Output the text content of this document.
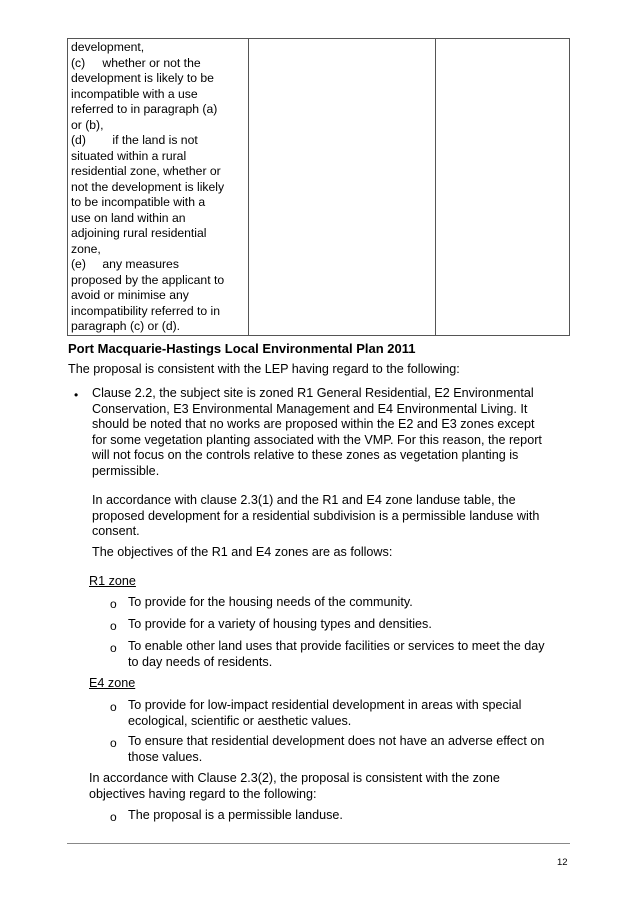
development,
(c) whether or not the
development is likely to be
incompatible with a use
referred to in paragraph (a)
or (b),
(d) if the land is not
situated within a rural
residential zone, whether or
not the development is likely
to be incompatible with a
use on land within an
adjoining rural residential
zone,
(e) any measures
proposed by the applicant to
avoid or minimise any
incompatibility referred to in
paragraph (c) or (d).

Port Macquarie-Hastings Local Environmental Plan 2011

The proposal is consistent with the LEP having regard to the following:

• Clause 2.2, the subject site is zoned R1 General Residential, E2 Environmental
Conservation, E3 Environmental Management and E4 Environmental Living. It
should be noted that no works are proposed within the E2 and E3 zones except
for some vegetation planting associated with the VMP. For this reason, the report
will not focus on the controls relative to these zones as vegetation planting is
permissible.
In accordance with clause 2.3(1) and the R1 and E4 zone landuse table, the
proposed development for a residential subdivision is a permissible landuse with
consent.

The objectives of the R1 and E4 zones are as follows:

R1 zone

o To provide for the housing needs of the community.
o To provide for a variety of housing types and densities.
o To enable other land uses that provide facilities or services to meet the day
to day needs of residents.

E4 zone

o To provide for low-impact residential development in areas with special
ecological, scientific or aesthetic values.
o To ensure that residential development does not have an adverse effect on
those values.
In accordance with Clause 2.3(2), the proposal is consistent with the zone
objectives having regard to the following:
o The proposal is a permissible landuse.

12
